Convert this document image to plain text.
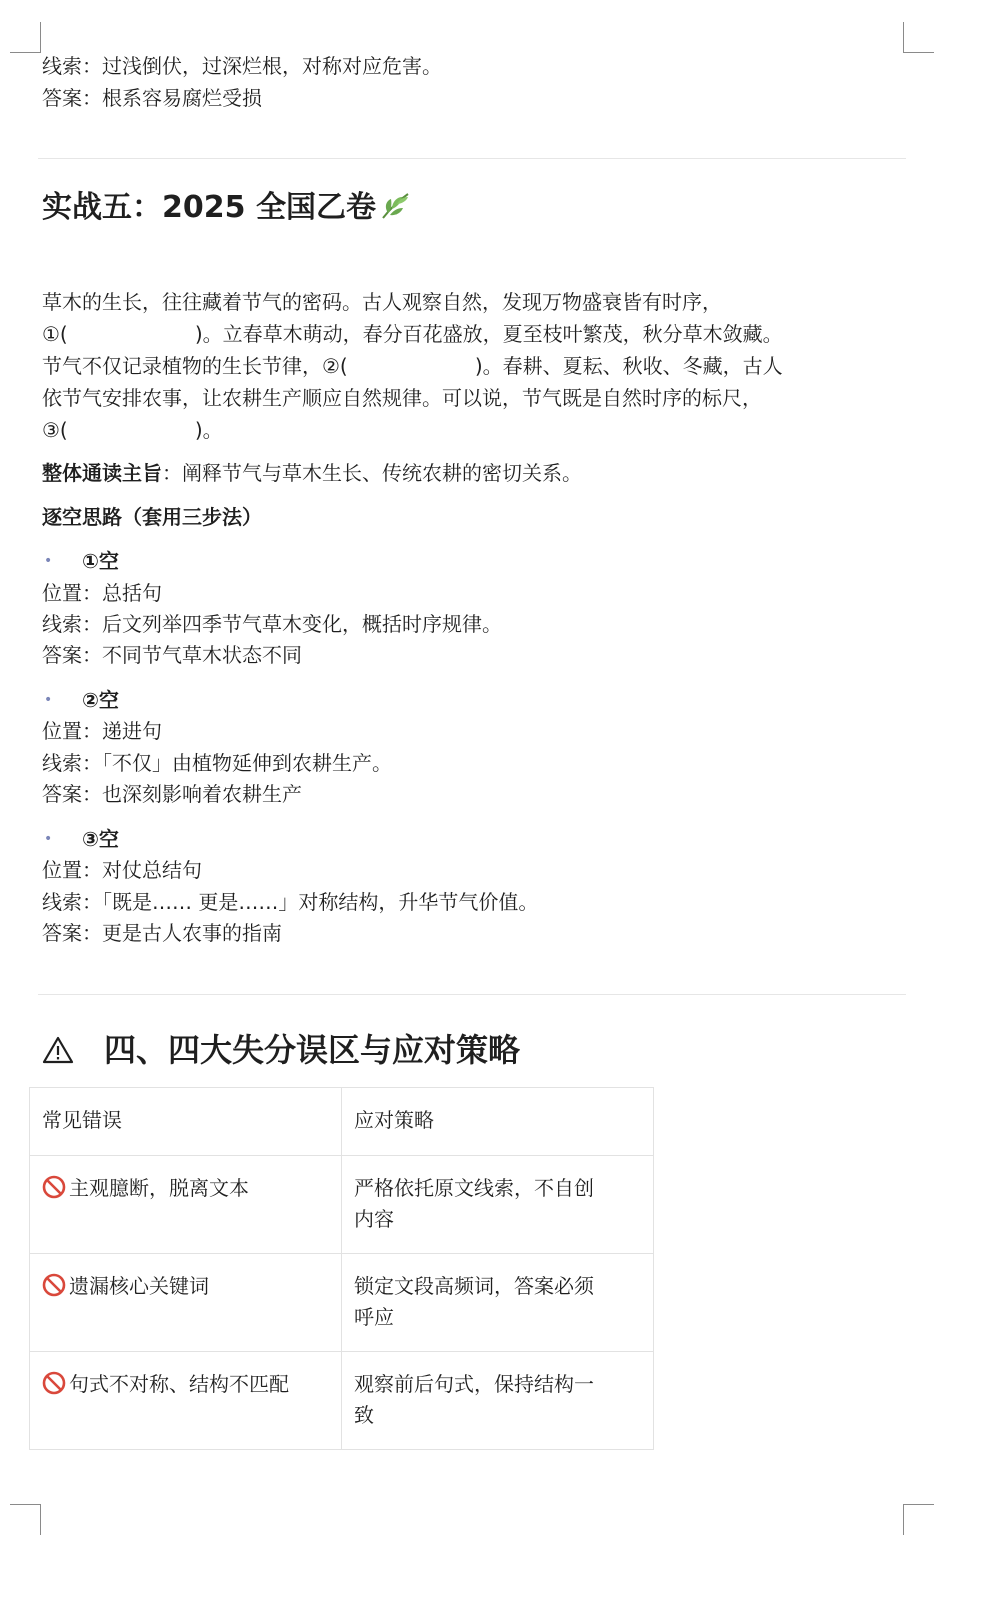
线索：过浅倒伏，过深烂根，对称对应危害。
答案：根系容易腐烂受损
实战五：2025 全国乙卷
草木的生长，往往藏着节气的密码。古人观察自然，发现万物盛衰皆有时序，
①(                    )。立春草木萌动，春分百花盛放，夏至枝叶繁茂，秋分草木敛藏。
节气不仅记录植物的生长节律，②(                    )。春耕、夏耘、秋收、冬藏，古人
依节气安排农事，让农耕生产顺应自然规律。可以说，节气既是自然时序的标尺，
③(                    )。
整体通读主旨：阐释节气与草木生长、传统农耕的密切关系。
逐空思路（套用三步法）
• ①空
位置：总括句
线索：后文列举四季节气草木变化，概括时序规律。
答案：不同节气草木状态不同
• ②空
位置：递进句
线索：「不仅」由植物延伸到农耕生产。
答案：也深刻影响着农耕生产
• ③空
位置：对仗总结句
线索：「既是…… 更是……」对称结构，升华节气价值。
答案：更是古人农事的指南
四、四大失分误区与应对策略
常见错误	应对策略
主观臆断，脱离文本	严格依托原文线索，不自创
内容

遗漏核心关键词	锁定文段高频词，答案必须
呼应

句式不对称、结构不匹配	观察前后句式，保持结构一
致
